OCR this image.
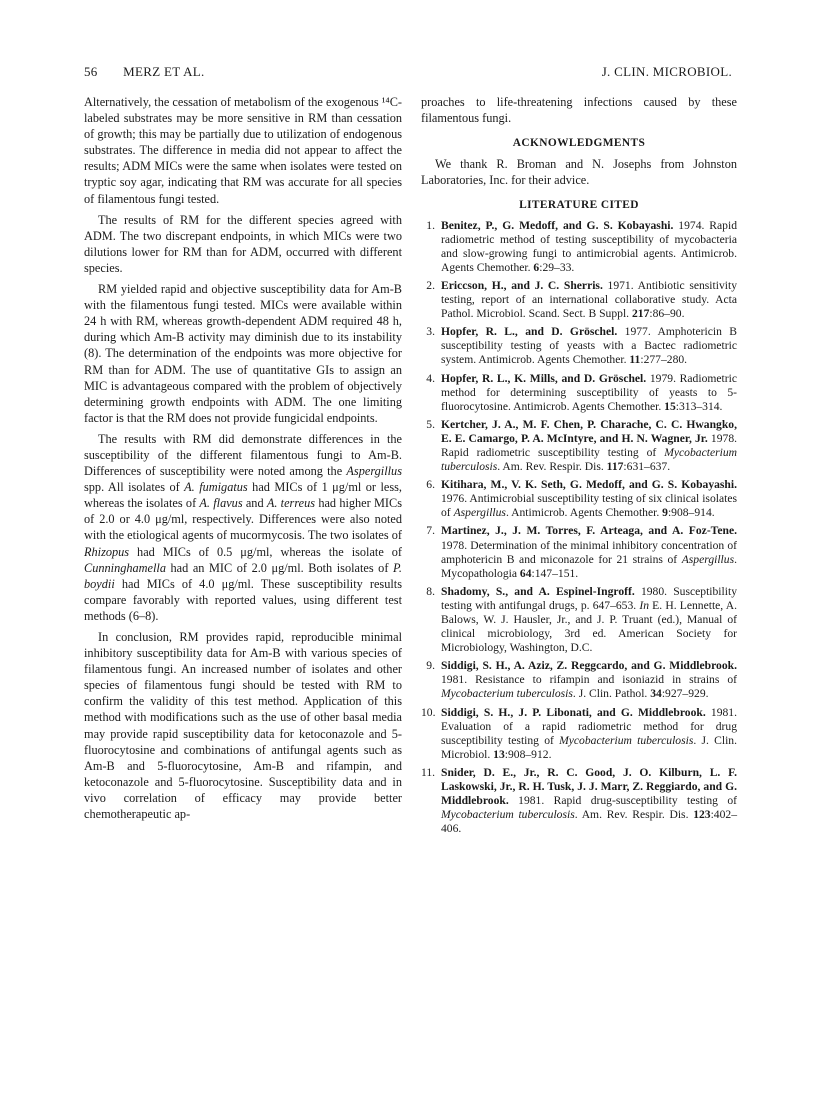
56 MERZ ET AL.	J. CLIN. MICROBIOL.

Alternatively, the cessation of metabolism of the exogenous ¹⁴C-labeled substrates may be more sensitive in RM than cessation of growth; this may be partially due to utilization of endogenous substrates. The difference in media did not appear to affect the results; ADM MICs were the same when isolates were tested on tryptic soy agar, indicating that RM was accurate for all species of filamentous fungi tested.

The results of RM for the different species agreed with ADM. The two discrepant endpoints, in which MICs were two dilutions lower for RM than for ADM, occurred with different species.

RM yielded rapid and objective susceptibility data for Am-B with the filamentous fungi tested. MICs were available within 24 h with RM, whereas growth-dependent ADM required 48 h, during which Am-B activity may diminish due to its instability (8). The determination of the endpoints was more objective for RM than for ADM. The use of quantitative GIs to assign an MIC is advantageous compared with the problem of objectively determining growth endpoints with ADM. The one limiting factor is that the RM does not provide fungicidal endpoints.

The results with RM did demonstrate differences in the susceptibility of the different filamentous fungi to Am-B. Differences of susceptibility were noted among the Aspergillus spp. All isolates of A. fumigatus had MICs of 1 μg/ml or less, whereas the isolates of A. flavus and A. terreus had higher MICs of 2.0 or 4.0 μg/ml, respectively. Differences were also noted with the etiological agents of mucormycosis. The two isolates of Rhizopus had MICs of 0.5 μg/ml, whereas the isolate of Cunninghamella had an MIC of 2.0 μg/ml. Both isolates of P. boydii had MICs of 4.0 μg/ml. These susceptibility results compare favorably with reported values, using different test methods (6–8).

In conclusion, RM provides rapid, reproducible minimal inhibitory susceptibility data for Am-B with various species of filamentous fungi. An increased number of isolates and other species of filamentous fungi should be tested with RM to confirm the validity of this test method. Application of this method with modifications such as the use of other basal media may provide rapid susceptibility data for ketoconazole and 5-fluorocytosine and combinations of antifungal agents such as Am-B and 5-fluorocytosine, Am-B and rifampin, and ketoconazole and 5-fluorocytosine. Susceptibility data and in vivo correlation of efficacy may provide better chemotherapeutic ap-

proaches to life-threatening infections caused by these filamentous fungi.

ACKNOWLEDGMENTS

We thank R. Broman and N. Josephs from Johnston Laboratories, Inc. for their advice.

LITERATURE CITED
1. Benitez, P., G. Medoff, and G. S. Kobayashi. 1974. Rapid radiometric method of testing susceptibility of mycobacteria and slow-growing fungi to antimicrobial agents. Antimicrob. Agents Chemother. 6:29–33.
2. Ericcson, H., and J. C. Sherris. 1971. Antibiotic sensitivity testing, report of an international collaborative study. Acta Pathol. Microbiol. Scand. Sect. B Suppl. 217:86–90.
3. Hopfer, R. L., and D. Gröschel. 1977. Amphotericin B susceptibility testing of yeasts with a Bactec radiometric system. Antimicrob. Agents Chemother. 11:277–280.
4. Hopfer, R. L., K. Mills, and D. Gröschel. 1979. Radiometric method for determining susceptibility of yeasts to 5-fluorocytosine. Antimicrob. Agents Chemother. 15:313–314.
5. Kertcher, J. A., M. F. Chen, P. Charache, C. C. Hwangko, E. E. Camargo, P. A. McIntyre, and H. N. Wagner, Jr. 1978. Rapid radiometric susceptibility testing of Mycobacterium tuberculosis. Am. Rev. Respir. Dis. 117:631–637.
6. Kitihara, M., V. K. Seth, G. Medoff, and G. S. Kobayashi. 1976. Antimicrobial susceptibility testing of six clinical isolates of Aspergillus. Antimicrob. Agents Chemother. 9:908–914.
7. Martinez, J., J. M. Torres, F. Arteaga, and A. Foz-Tene. 1978. Determination of the minimal inhibitory concentration of amphotericin B and miconazole for 21 strains of Aspergillus. Mycopathologia 64:147–151.
8. Shadomy, S., and A. Espinel-Ingroff. 1980. Susceptibility testing with antifungal drugs, p. 647–653. In E. H. Lennette, A. Balows, W. J. Hausler, Jr., and J. P. Truant (ed.), Manual of clinical microbiology, 3rd ed. American Society for Microbiology, Washington, D.C.
9. Siddigi, S. H., A. Aziz, Z. Reggcardo, and G. Middlebrook. 1981. Resistance to rifampin and isoniazid in strains of Mycobacterium tuberculosis. J. Clin. Pathol. 34:927–929.
10. Siddigi, S. H., J. P. Libonati, and G. Middlebrook. 1981. Evaluation of a rapid radiometric method for drug susceptibility testing of Mycobacterium tuberculosis. J. Clin. Microbiol. 13:908–912.
11. Snider, D. E., Jr., R. C. Good, J. O. Kilburn, L. F. Laskowski, Jr., R. H. Tusk, J. J. Marr, Z. Reggiardo, and G. Middlebrook. 1981. Rapid drug-susceptibility testing of Mycobacterium tuberculosis. Am. Rev. Respir. Dis. 123:402–406.
